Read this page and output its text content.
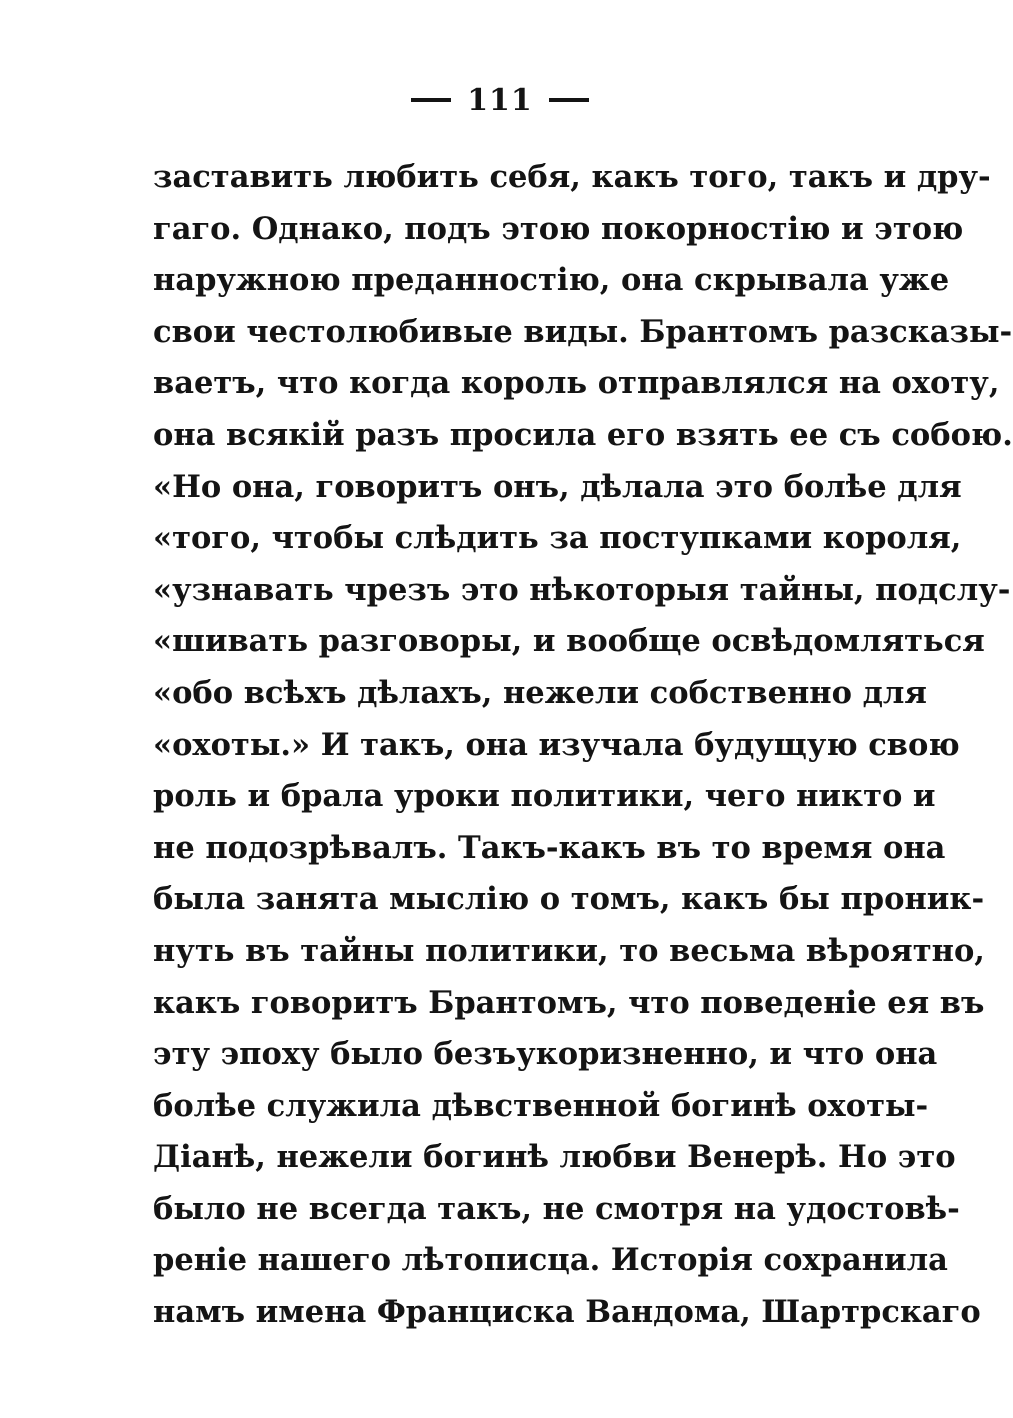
111
заставить любить себя, какъ того, такъ и дру-
гаго. Однако, подъ этою покорностію и этою
наружною преданностію, она скрывала уже
свои честолюбивые виды. Брантомъ разсказы-
ваетъ, что когда король отправлялся на охоту,
она всякій разъ просила его взять ее съ собою.
«Но она, говоритъ онъ, дѣлала это болѣе для
«того, чтобы слѣдить за поступками короля,
«узнавать чрезъ это нѣкоторыя тайны, подслу-
«шивать разговоры, и вообще освѣдомляться
«обо всѣхъ дѣлахъ, нежели собственно для
«охоты.» И такъ, она изучала будущую свою
роль и брала уроки политики, чего никто и
не подозрѣвалъ. Такъ-какъ въ то время она
была занята мыслію о томъ, какъ бы проник-
нуть въ тайны политики, то весьма вѣроятно,
какъ говоритъ Брантомъ, что поведеніе ея въ
эту эпоху было безъукоризненно, и что она
болѣе служила дѣвственной богинѣ охоты-
Діанѣ, нежели богинѣ любви Венерѣ. Но это
было не всегда такъ, не смотря на удостовѣ-
реніе нашего лѣтописца. Исторія сохранила
намъ имена Франциска Вандома, Шартрскаго
